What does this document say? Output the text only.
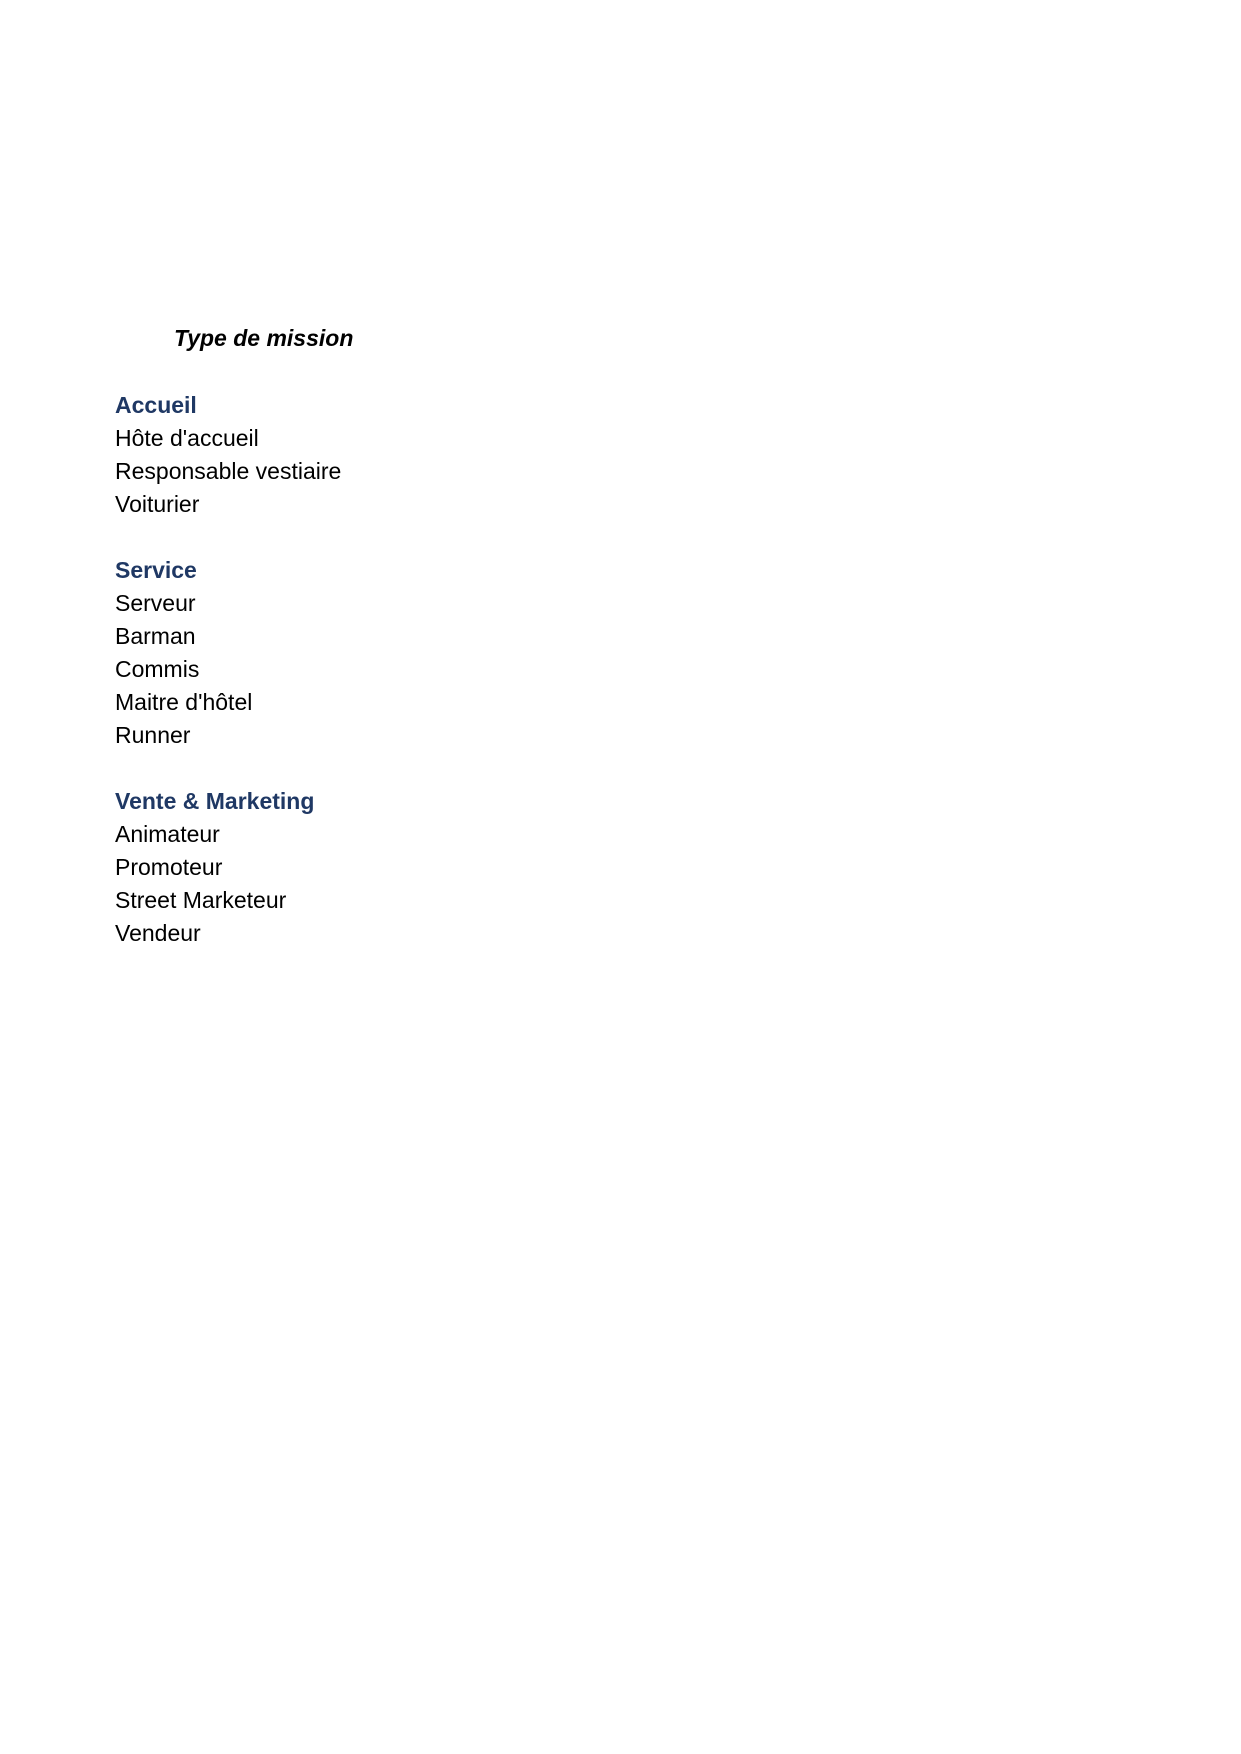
Type de mission
Accueil
Hôte d'accueil
Responsable vestiaire
Voiturier
Service
Serveur
Barman
Commis
Maitre d'hôtel
Runner
Vente & Marketing
Animateur
Promoteur
Street Marketeur
Vendeur
